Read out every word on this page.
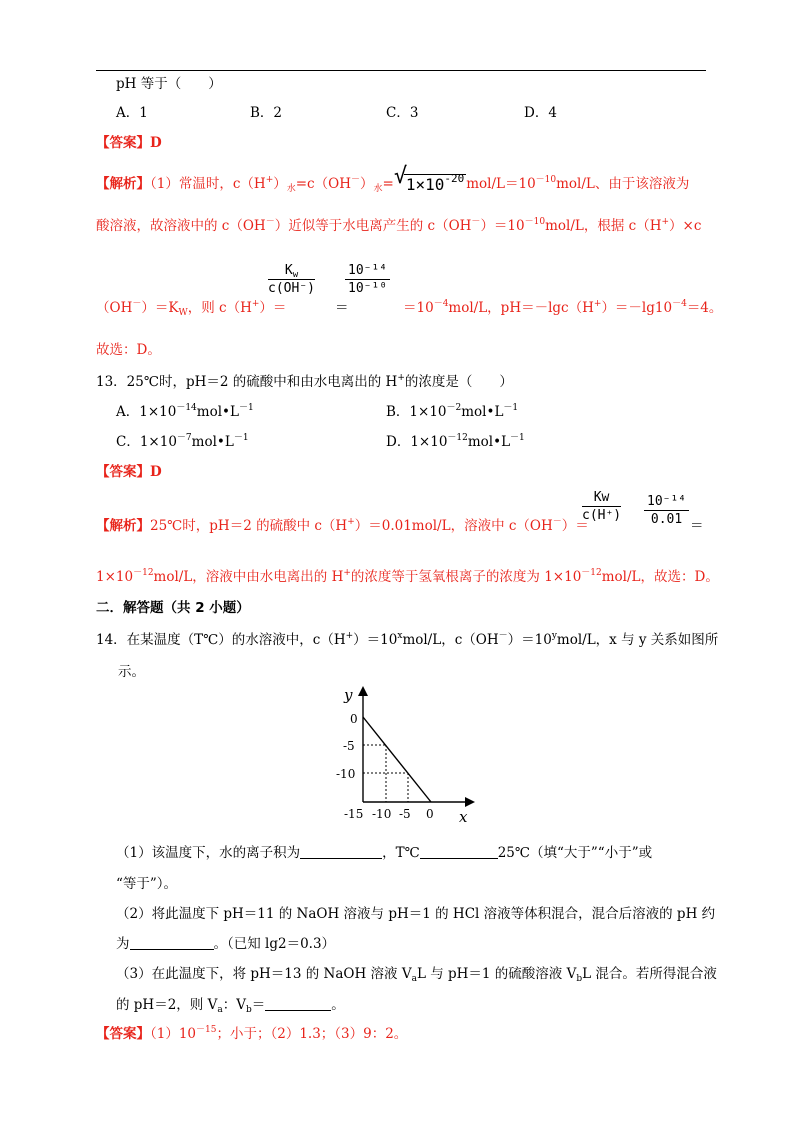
pH 等于（　　）
A．1	B．2	C．3	D．4
【答案】D
【解析】（1）常温时，$c(H^+)_水=c(OH^-)_水=$ √
$1\times 10^{-20}$ mol/$L=10^{-10}mol/L$、由于该溶液为
酸溶液，故溶液中的 c（OH－）近似等于水电离产生的 $c(OH^-)=10^{-10}mol/L$，根据 c（H+）×c
$\frac{K_w}{c(OH^-)} \frac{\text{10⁻¹⁴}}{\text{10⁻¹⁰}}$
$(OH^-)=K_W$，则 c（H+）＝	＝	$=10^{-4}mol/L$，$pH=-\lg c(H^+)=-\lg 10^{-4}=4$。
故选：D。
13．25℃时，pH＝2 的硫酸中和由水电离出的 H+的浓度是（　　）
A．$1\times 10^{-14}mol•L^{-1}$	B．$1\times 10^{-2}mol•L^{-1}$
C．$1\times 10^{-7}mol•L^{-1}$	D．$1\times 10^{-12}mol•L^{-1}$
【答案】D
$\frac{Kw}{c(H^+)} \frac{\text{10⁻¹⁴}}{0.01}$
【解析】25℃时，pH＝2 的硫酸中 c（H+）＝0.01mol/L，溶液中 c（OH－）＝	＝
$1\times 10^{-12}mol/L$，溶液中由水电离出的 H+的浓度等于氢氧根离子的浓度为 $1\times 10^{-12}mol/L$，故选：D。
二．解答题（共 2 小题）
14．在某温度（T℃）的水溶液中，$c(H^+)=10^xmol/L$，$c(OH^-)=10^ymol/L$，x 与 y 关系如图所
示。
y
x
0
-5
-10
-15 -10 -5 0
（1）该温度下，水的离子积为	，T℃	25℃（填“大于”“小于”或
“等于”）。
（2）将此温度下 pH＝11 的 NaOH 溶液与 pH＝1 的 HCl 溶液等体积混合，混合后溶液的 pH 约
为	。（已知 lg2＝0.3）
（3）在此温度下，将 pH＝13 的 NaOH 溶液 $V_aL$ 与 pH＝1 的硫酸溶液 $V_bL$ 混合。若所得混合液
的 pH＝2，则 $V_a$：$V_b=$	。
【答案】$(1)10^{-15}$；小于；（2）1.3；（3）9：2。
